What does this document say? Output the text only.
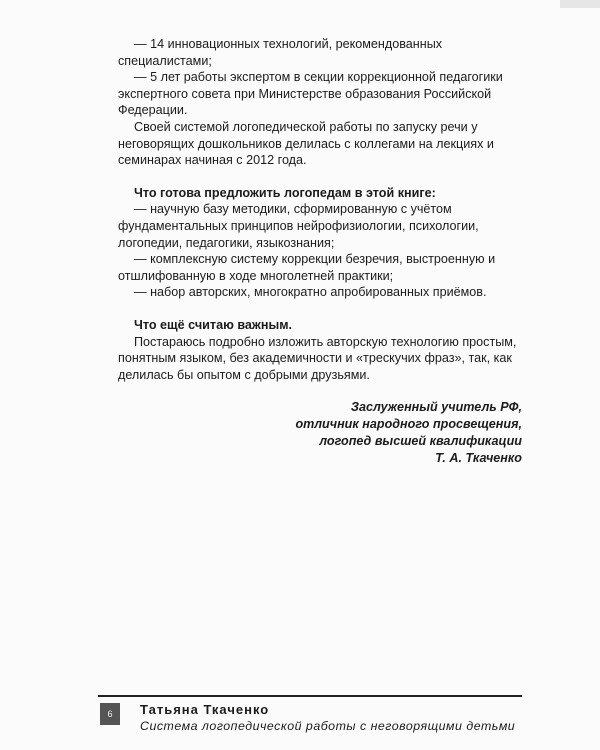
— 14 инновационных технологий, рекомендованных специалистами;

— 5 лет работы экспертом в секции коррекционной педагогики экспертного совета при Министерстве образования Российской Федерации.

Своей системой логопедической работы по запуску речи у неговорящих дошкольников делилась с коллегами на лекциях и семинарах начиная с 2012 года.

Что готова предложить логопедам в этой книге:

— научную базу методики, сформированную с учётом фундаментальных принципов нейрофизиологии, психологии, логопедии, педагогики, языкознания;

— комплексную систему коррекции безречия, выстроенную и отшлифованную в ходе многолетней практики;

— набор авторских, многократно апробированных приёмов.

Что ещё считаю важным.

Постараюсь подробно изложить авторскую технологию простым, понятным языком, без академичности и «трескучих фраз», так, как делилась бы опытом с добрыми друзьями.

Заслуженный учитель РФ,
отличник народного просвещения,
логопед высшей квалификации
Т. А. Ткаченко
6	Татьяна Ткаченко
Система логопедической работы с неговорящими детьми
